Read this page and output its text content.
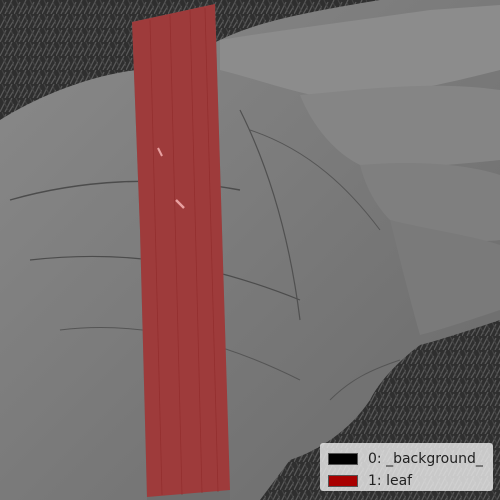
0: _background_
1: leaf
